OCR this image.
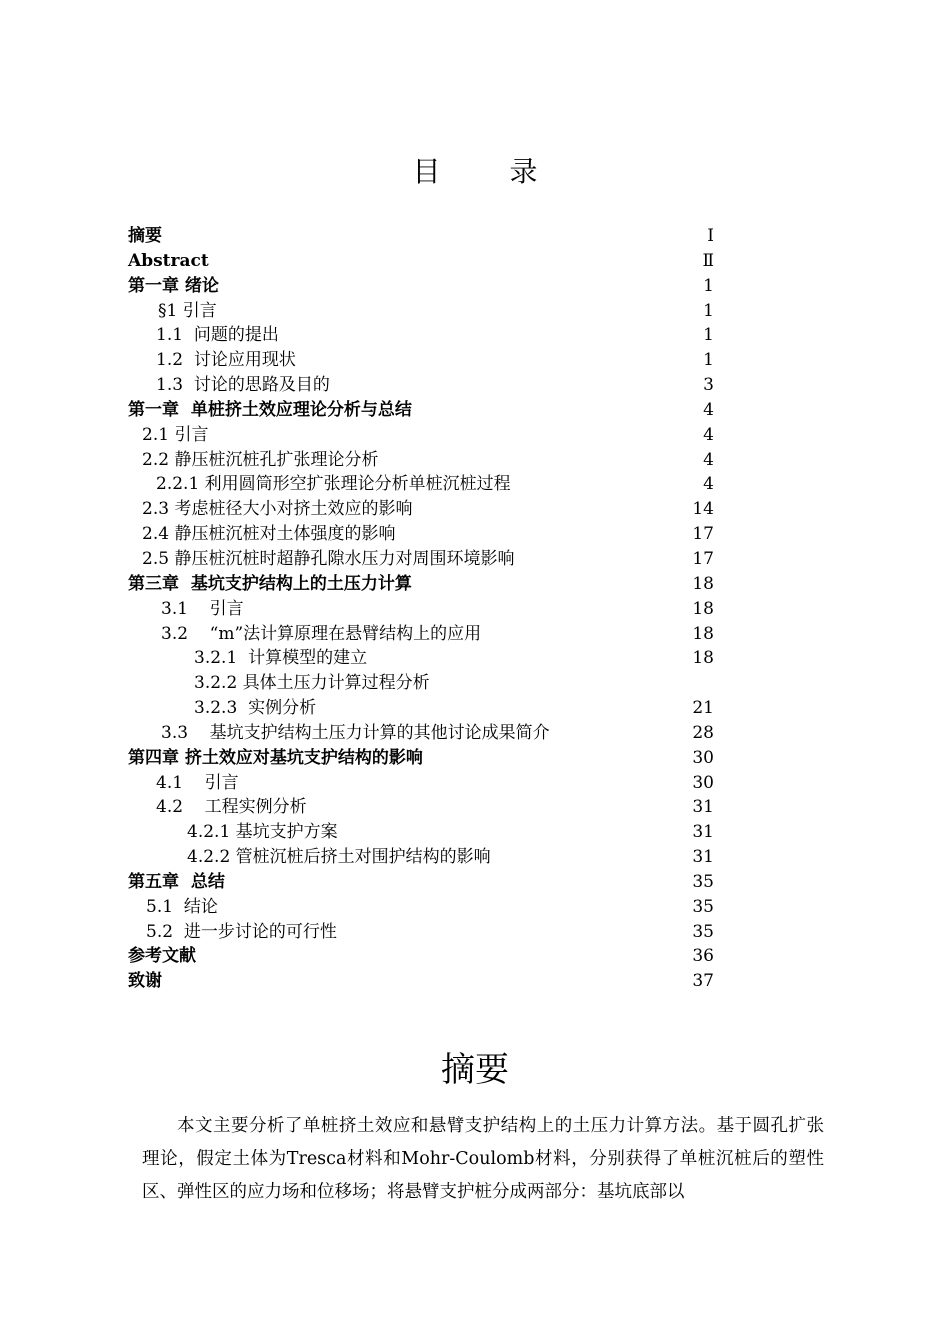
目 录
摘要	Ⅰ
Abstract	Ⅱ
第一章 绪论	1
§1 引言	1
1.1  问题的提出	1
1.2  讨论应用现状	1
1.3  讨论的思路及目的	3
第一章  单桩挤土效应理论分析与总结	4
2.1 引言	4
2.2 静压桩沉桩孔扩张理论分析	4
2.2.1 利用圆筒形空扩张理论分析单桩沉桩过程	4
2.3 考虑桩径大小对挤土效应的影响	14
2.4 静压桩沉桩对土体强度的影响	17
2.5 静压桩沉桩时超静孔隙水压力对周围环境影响	17
第三章  基坑支护结构上的土压力计算	18
3.1    引言	18
3.2    “m”法计算原理在悬臂结构上的应用	18
3.2.1  计算模型的建立	18
3.2.2 具体土压力计算过程分析
3.2.3  实例分析	21
3.3    基坑支护结构土压力计算的其他讨论成果简介	28
第四章 挤土效应对基坑支护结构的影响	30
4.1    引言	30
4.2    工程实例分析	31
4.2.1 基坑支护方案	31
4.2.2 管桩沉桩后挤土对围护结构的影响	31
第五章  总结	35
5.1  结论	35
5.2  进一步讨论的可行性	35
参考文献	36
致谢	37
摘要

本文主要分析了单桩挤土效应和悬臂支护结构上的土压力计算方法。基于圆孔扩张理论，假定土体为Tresca材料和Mohr-Coulomb材料，分别获得了单桩沉桩后的塑性区、弹性区的应力场和位移场；将悬臂支护桩分成两部分：基坑底部以
